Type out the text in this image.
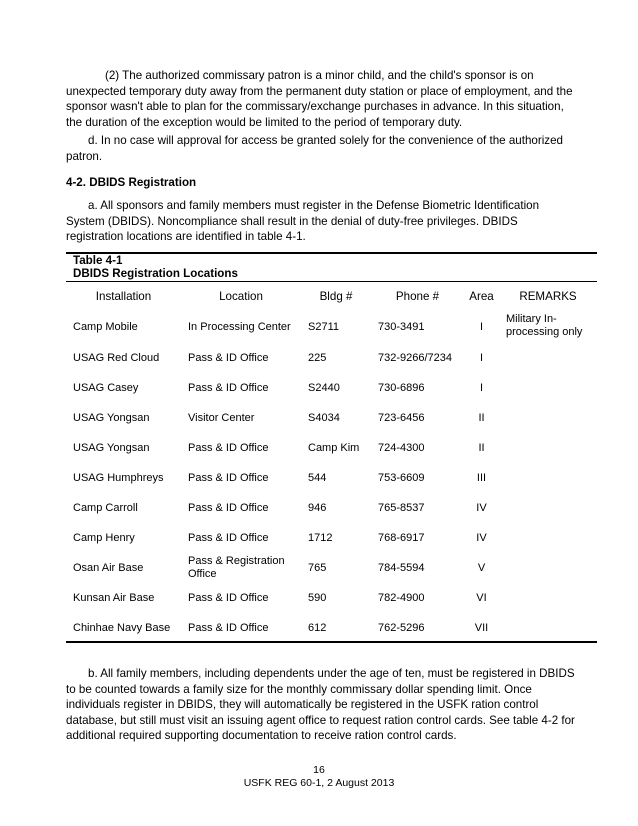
(2) The authorized commissary patron is a minor child, and the child's sponsor is on
unexpected temporary duty away from the permanent duty station or place of employment, and the
sponsor wasn't able to plan for the commissary/exchange purchases in advance. In this situation,
the duration of the exception would be limited to the period of temporary duty.
d. In no case will approval for access be granted solely for the convenience of the authorized
patron.
4-2. DBIDS Registration
a. All sponsors and family members must register in the Defense Biometric Identification
System (DBIDS). Noncompliance shall result in the denial of duty-free privileges. DBIDS
registration locations are identified in table 4-1.
Table 4-1
DBIDS Registration Locations
Installation	Location	Bldg #	Phone #	Area	REMARKS
Camp Mobile	In Processing Center	S2711	730-3491	I	Military In-processing only
USAG Red Cloud	Pass & ID Office	225	732-9266/7234	I	
USAG Casey	Pass & ID Office	S2440	730-6896	I	
USAG Yongsan	Visitor Center	S4034	723-6456	II	
USAG Yongsan	Pass & ID Office	Camp Kim	724-4300	II	
USAG Humphreys	Pass & ID Office	544	753-6609	III	
Camp Carroll	Pass & ID Office	946	765-8537	IV	
Camp Henry	Pass & ID Office	1712	768-6917	IV	
Osan Air Base	Pass & Registration Office	765	784-5594	V	
Kunsan Air Base	Pass & ID Office	590	782-4900	VI	
Chinhae Navy Base	Pass & ID Office	612	762-5296	VII	
b. All family members, including dependents under the age of ten, must be registered in DBIDS
to be counted towards a family size for the monthly commissary dollar spending limit. Once
individuals register in DBIDS, they will automatically be registered in the USFK ration control
database, but still must visit an issuing agent office to request ration control cards. See table 4-2 for
additional required supporting documentation to receive ration control cards.
16
USFK REG 60-1, 2 August 2013
